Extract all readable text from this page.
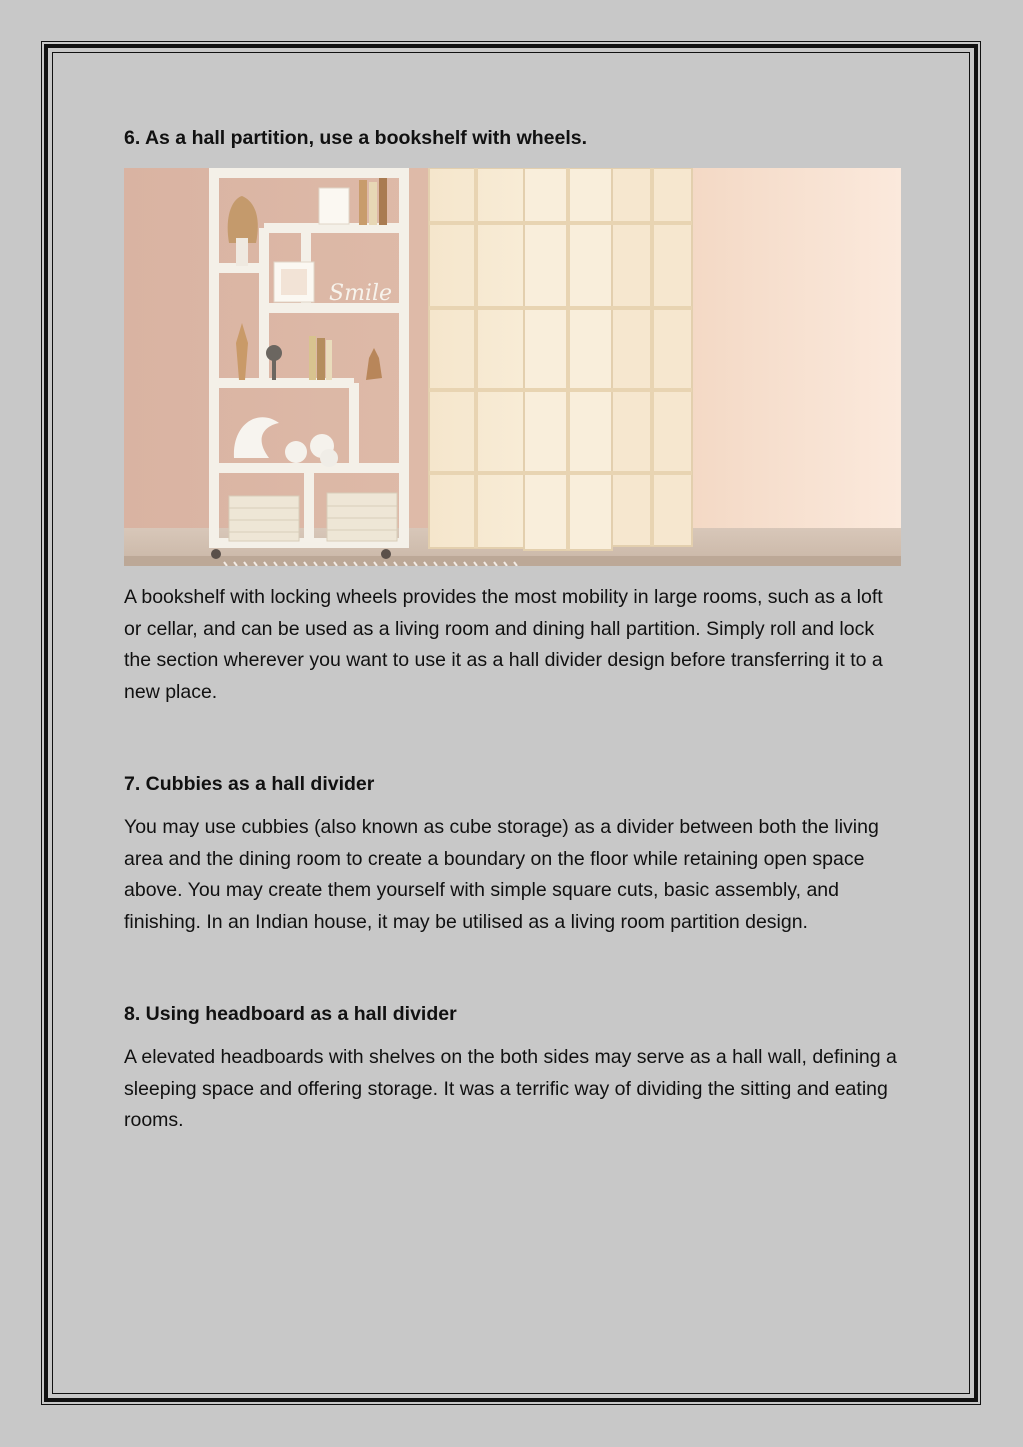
6. As a hall partition, use a bookshelf with wheels.
Smile

A bookshelf with locking wheels provides the most mobility in large rooms, such as a loft or cellar, and can be used as a living room and dining hall partition. Simply roll and lock the section wherever you want to use it as a hall divider design before transferring it to a new place.

7. Cubbies as a hall divider

You may use cubbies (also known as cube storage) as a divider between both the living area and the dining room to create a boundary on the floor while retaining open space above. You may create them yourself with simple square cuts, basic assembly, and finishing. In an Indian house, it may be utilised as a living room partition design.

8. Using headboard as a hall divider

A elevated headboards with shelves on the both sides may serve as a hall wall, defining a sleeping space and offering storage. It was a terrific way of dividing the sitting and eating rooms.
